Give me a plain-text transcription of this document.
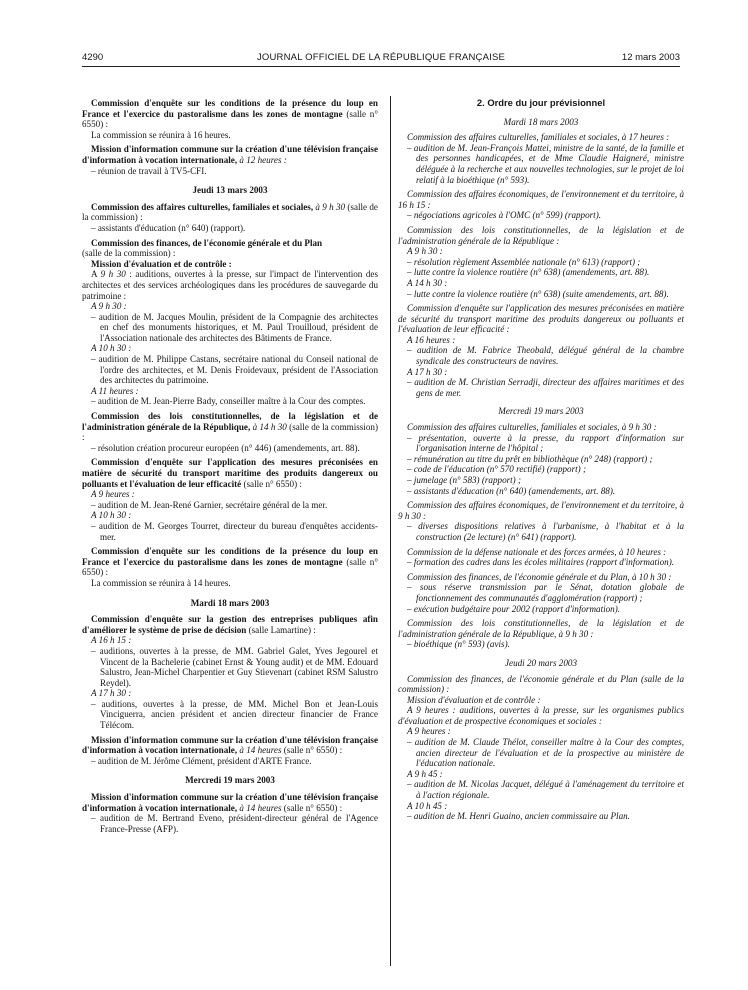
4290	JOURNAL OFFICIEL DE LA RÉPUBLIQUE FRANÇAISE	12 mars 2003

Commission d'enquête sur les conditions de la présence du loup en France et l'exercice du pastoralisme dans les zones de montagne (salle n° 6550) :

La commission se réunira à 16 heures.

Mission d'information commune sur la création d'une télévision française d'information à vocation internationale, à 12 heures :

– réunion de travail à TV5-CFI.

Jeudi 13 mars 2003

Commission des affaires culturelles, familiales et sociales, à 9 h 30 (salle de la commission) :

– assistants d'éducation (n° 640) (rapport).

Commission des finances, de l'économie générale et du Plan

(salle de la commission) :

Mission d'évaluation et de contrôle :

A 9 h 30 : auditions, ouvertes à la presse, sur l'impact de l'intervention des architectes et des services archéologiques dans les procédures de sauvegarde du patrimoine :

A 9 h 30 :

– audition de M. Jacques Moulin, président de la Compagnie des architectes en chef des monuments historiques, et M. Paul Trouilloud, président de l'Association nationale des architectes des Bâtiments de France.

A 10 h 30 :

– audition de M. Philippe Castans, secrétaire national du Conseil national de l'ordre des architectes, et M. Denis Froidevaux, président de l'Association des architectes du patrimoine.

A 11 heures :

– audition de M. Jean-Pierre Bady, conseiller maître à la Cour des comptes.

Commission des lois constitutionnelles, de la législation et de l'administration générale de la République, à 14 h 30 (salle de la commission) :

– résolution création procureur européen (n° 446) (amendements, art. 88).

Commission d'enquête sur l'application des mesures préconisées en matière de sécurité du transport maritime des produits dangereux ou polluants et l'évaluation de leur efficacité (salle n° 6550) :

A 9 heures :

– audition de M. Jean-René Garnier, secrétaire général de la mer.

A 10 h 30 :

– audition de M. Georges Tourret, directeur du bureau d'enquêtes accidents-mer.

Commission d'enquête sur les conditions de la présence du loup en France et l'exercice du pastoralisme dans les zones de montagne (salle n° 6550) :

La commission se réunira à 14 heures.

Mardi 18 mars 2003

Commission d'enquête sur la gestion des entreprises publiques afin d'améliorer le système de prise de décision (salle Lamartine) :

A 16 h 15 :

– auditions, ouvertes à la presse, de MM. Gabriel Galet, Yves Jegourel et Vincent de la Bachelerie (cabinet Ernst & Young audit) et de MM. Edouard Salustro, Jean-Michel Charpentier et Guy Stievenart (cabinet RSM Salustro Reydel).

A 17 h 30 :

– auditions, ouvertes à la presse, de MM. Michel Bon et Jean-Louis Vinciguerra, ancien président et ancien directeur financier de France Télécom.

Mission d'information commune sur la création d'une télévision française d'information à vocation internationale, à 14 heures (salle n° 6550) :

– audition de M. Jérôme Clément, président d'ARTE France.

Mercredi 19 mars 2003

Mission d'information commune sur la création d'une télévision française d'information à vocation internationale, à 14 heures (salle n° 6550) :

– audition de M. Bertrand Eveno, président-directeur général de l'Agence France-Presse (AFP).

2. Ordre du jour prévisionnel

Mardi 18 mars 2003

Commission des affaires culturelles, familiales et sociales, à 17 heures :

– audition de M. Jean-François Mattei, ministre de la santé, de la famille et des personnes handicapées, et de Mme Claudie Haigneré, ministre déléguée à la recherche et aux nouvelles technologies, sur le projet de loi relatif à la bioéthique (n° 593).

Commission des affaires économiques, de l'environnement et du territoire, à 16 h 15 :

– négociations agricoles à l'OMC (n° 599) (rapport).

Commission des lois constitutionnelles, de la législation et de l'administration générale de la République :

A 9 h 30 :

– résolution règlement Assemblée nationale (n° 613) (rapport) ;

– lutte contre la violence routière (n° 638) (amendements, art. 88).

A 14 h 30 :

– lutte contre la violence routière (n° 638) (suite amendements, art. 88).

Commission d'enquête sur l'application des mesures préconisées en matière de sécurité du transport maritime des produits dangereux ou polluants et l'évaluation de leur efficacité :

A 16 heures :

– audition de M. Fabrice Theobald, délégué général de la chambre syndicale des constructeurs de navires.

A 17 h 30 :

– audition de M. Christian Serradji, directeur des affaires maritimes et des gens de mer.

Mercredi 19 mars 2003

Commission des affaires culturelles, familiales et sociales, à 9 h 30 :

– présentation, ouverte à la presse, du rapport d'information sur l'organisation interne de l'hôpital ;

– rémunération au titre du prêt en bibliothèque (n° 248) (rapport) ;

– code de l'éducation (n° 570 rectifié) (rapport) ;

– jumelage (n° 583) (rapport) ;

– assistants d'éducation (n° 640) (amendements, art. 88).

Commission des affaires économiques, de l'environnement et du territoire, à 9 h 30 :

– diverses dispositions relatives à l'urbanisme, à l'habitat et à la construction (2e lecture) (n° 641) (rapport).

Commission de la défense nationale et des forces armées, à 10 heures :

– formation des cadres dans les écoles militaires (rapport d'information).

Commission des finances, de l'économie générale et du Plan, à 10 h 30 :

– sous réserve transmission par le Sénat, dotation globale de fonctionnement des communautés d'agglomération (rapport) ;

– exécution budgétaire pour 2002 (rapport d'information).

Commission des lois constitutionnelles, de la législation et de l'administration générale de la République, à 9 h 30 :

– bioéthique (n° 593) (avis).

Jeudi 20 mars 2003

Commission des finances, de l'économie générale et du Plan (salle de la commission) :

Mission d'évaluation et de contrôle :

A 9 heures : auditions, ouvertes à la presse, sur les organismes publics d'évaluation et de prospective économiques et sociales :

A 9 heures :

– audition de M. Claude Thélot, conseiller maître à la Cour des comptes, ancien directeur de l'évaluation et de la prospective au ministère de l'éducation nationale.

A 9 h 45 :

– audition de M. Nicolas Jacquet, délégué à l'aménagement du territoire et à l'action régionale.

A 10 h 45 :

– audition de M. Henri Guaino, ancien commissaire au Plan.
